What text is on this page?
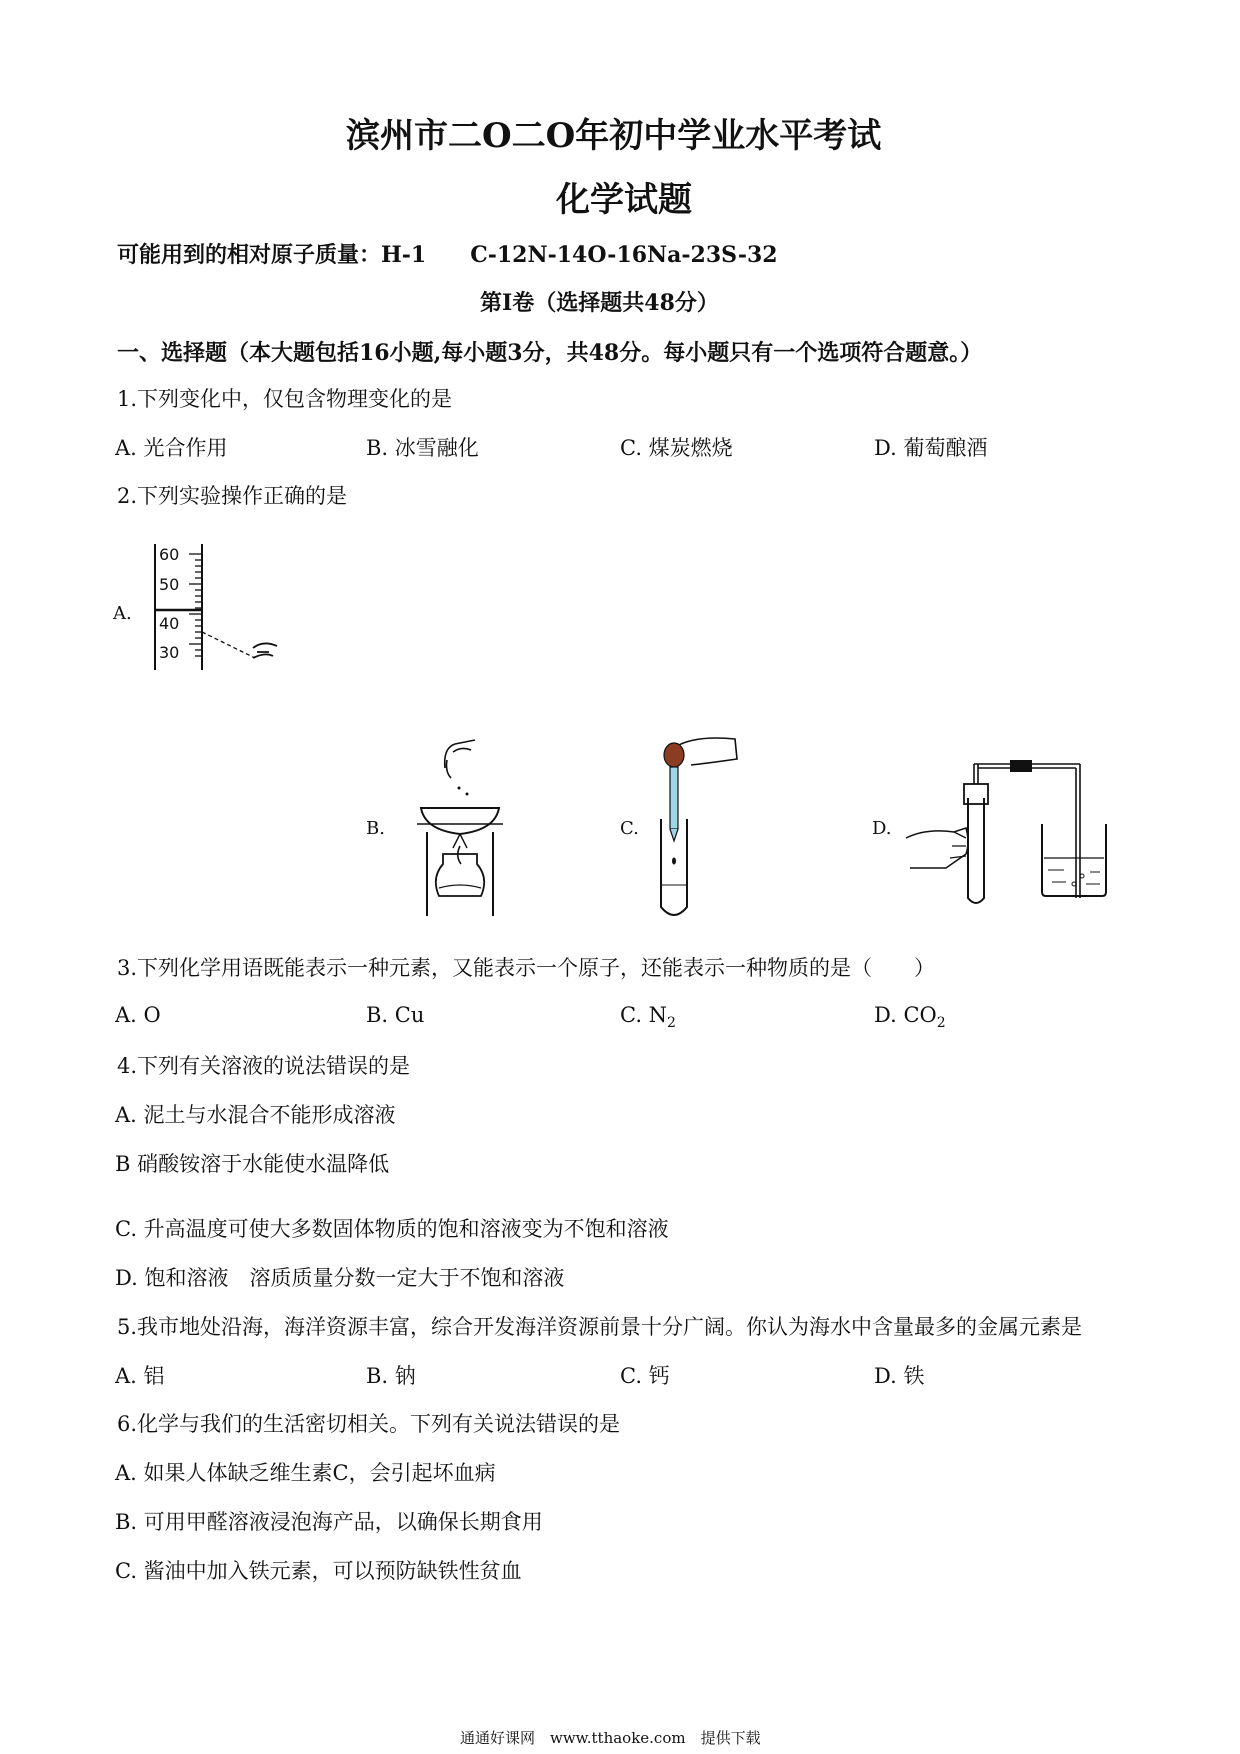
滨州市二O二O年初中学业水平考试
化学试题
可能用到的相对原子质量：H-1　　C-12N-14O-16Na-23S-32
第I卷（选择题共48分）
一、选择题（本大题包括16小题,每小题3分，共48分。每小题只有一个选项符合题意。）
1.下列变化中，仅包含物理变化的是
A. 光合作用	B. 冰雪融化	C. 煤炭燃烧	D. 葡萄酿酒
2.下列实验操作正确的是
A.
60
50
40
30
B.	C.	D.
3.下列化学用语既能表示一种元素，又能表示一个原子，还能表示一种物质的是（　　）
A. O	B. Cu	C. $N_2$	D. $CO_2$
4.下列有关溶液的说法错误的是
A. 泥土与水混合不能形成溶液
B 硝酸铵溶于水能使水温降低
C. 升高温度可使大多数固体物质的饱和溶液变为不饱和溶液
D. 饱和溶液　溶质质量分数一定大于不饱和溶液
5.我市地处沿海，海洋资源丰富，综合开发海洋资源前景十分广阔。你认为海水中含量最多的金属元素是
A. 铝	B. 钠	C. 钙	D. 铁
6.化学与我们的生活密切相关。下列有关说法错误的是
A. 如果人体缺乏维生素C，会引起坏血病
B. 可用甲醛溶液浸泡海产品，以确保长期食用
C. 酱油中加入铁元素，可以预防缺铁性贫血
通通好课网　www.tthaoke.com　提供下载
